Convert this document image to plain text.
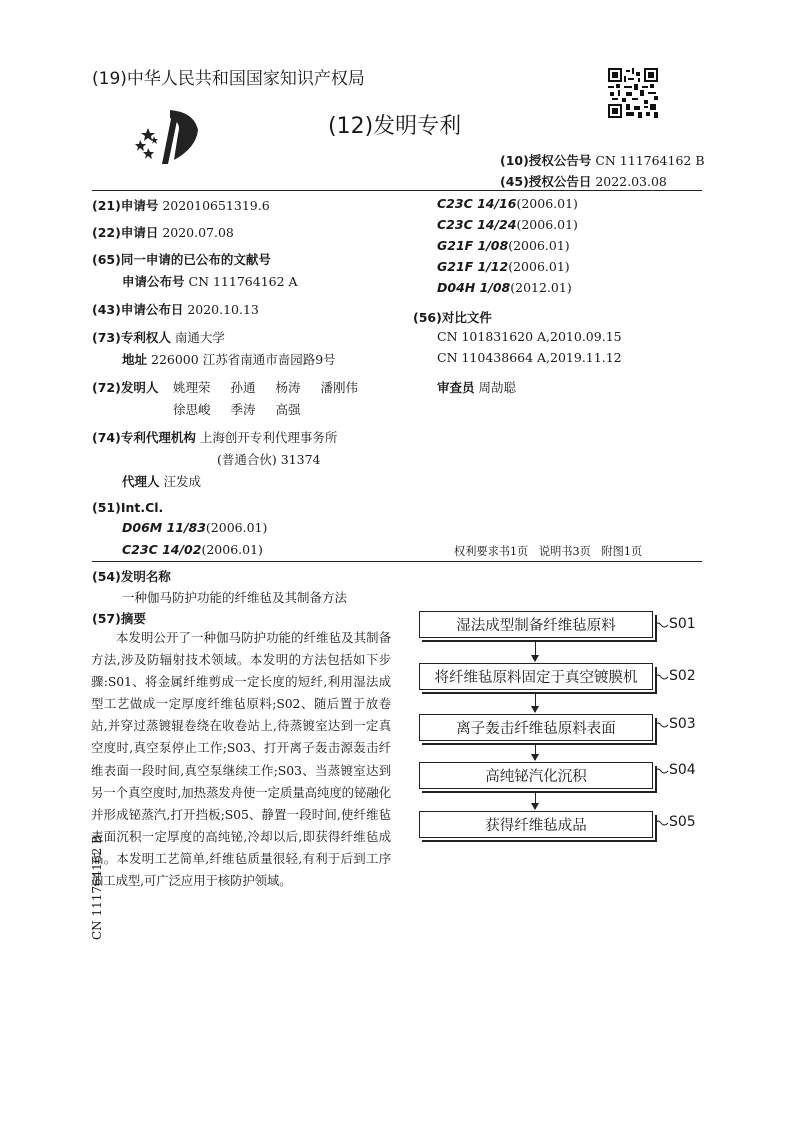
(19)中华人民共和国国家知识产权局
(12)发明专利
(10)授权公告号 CN 111764162 B
(45)授权公告日 2022.03.08
(21)申请号 202010651319.6
(22)申请日 2020.07.08
(65)同一申请的已公布的文献号
申请公布号 CN 111764162 A
(43)申请公布日 2020.10.13
(73)专利权人 南通大学
地址 226000 江苏省南通市啬园路9号
(72)发明人 姚理荣 孙通 杨涛 潘刚伟
徐思峻 季涛 高强
(74)专利代理机构 上海创开专利代理事务所
(普通合伙) 31374
代理人 汪发成
(51)Int.Cl.
D06M 11/83(2006.01)
C23C 14/02(2006.01)
C23C 14/16(2006.01)
C23C 14/24(2006.01)
G21F 1/08(2006.01)
G21F 1/12(2006.01)
D04H 1/08(2012.01)
(56)对比文件
CN 101831620 A,2010.09.15
CN 110438664 A,2019.11.12
审查员 周劼聪
权利要求书1页   说明书3页   附图1页
(54)发明名称
一种伽马防护功能的纤维毡及其制备方法
(57)摘要

本发明公开了一种伽马防护功能的纤维毡及其制备方法,涉及防辐射技术领域。本发明的方法包括如下步骤:S01、将金属纤维剪成一定长度的短纤,利用湿法成型工艺做成一定厚度纤维毡原料;S02、随后置于放卷站,并穿过蒸镀辊卷绕在收卷站上,待蒸镀室达到一定真空度时,真空泵停止工作;S03、打开离子轰击源轰击纤维表面一段时间,真空泵继续工作;S03、当蒸镀室达到另一个真空度时,加热蒸发舟使一定质量高纯度的铋融化并形成铋蒸汽,打开挡板;S05、静置一段时间,使纤维毡表面沉积一定厚度的高纯铋,冷却以后,即获得纤维毡成品。本发明工艺简单,纤维毡质量很轻,有利于后到工序加工成型,可广泛应用于核防护领域。

湿法成型制备纤维毡原料	S01
将纤维毡原料固定于真空镀膜机	S02
离子轰击纤维毡原料表面	S03
高纯铋汽化沉积	S04
获得纤维毡成品	S05
CN 111764162 B
